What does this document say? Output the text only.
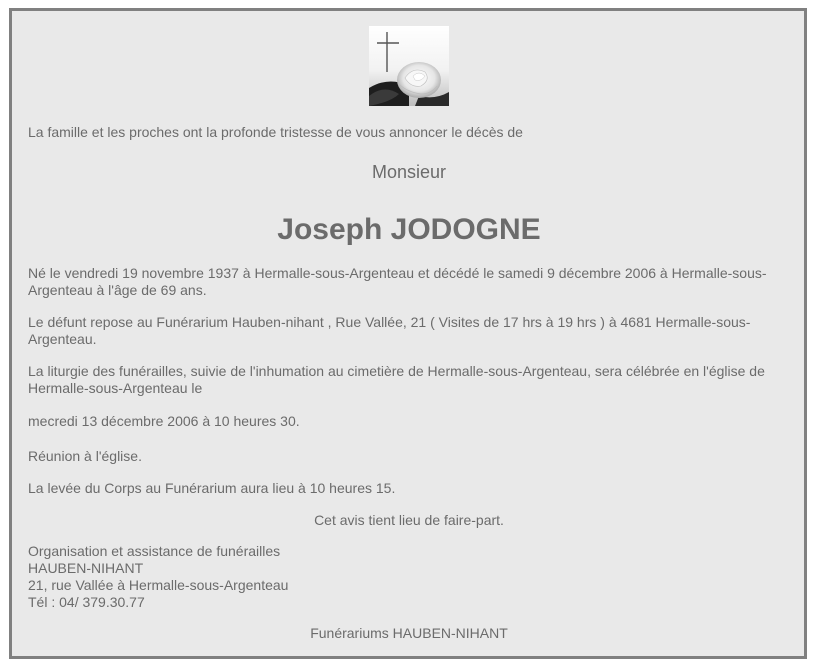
La famille et les proches ont la profonde tristesse de vous annoncer le décès de

Monsieur
Joseph JODOGNE

Né le vendredi 19 novembre 1937 à Hermalle-sous-Argenteau et décédé le samedi 9 décembre 2006 à Hermalle-sous-Argenteau à l'âge de 69 ans.

Le défunt repose au Funérarium Hauben-nihant , Rue Vallée, 21 ( Visites de 17 hrs à 19 hrs ) à 4681 Hermalle-sous-Argenteau.

La liturgie des funérailles, suivie de l'inhumation au cimetière de Hermalle-sous-Argenteau, sera célébrée en l'église de Hermalle-sous-Argenteau le

mecredi 13 décembre 2006 à 10 heures 30.

Réunion à l'église.

La levée du Corps au Funérarium aura lieu à 10 heures 15.

Cet avis tient lieu de faire-part.

Organisation et assistance de funérailles
HAUBEN-NIHANT
21, rue Vallée à Hermalle-sous-Argenteau
Tél : 04/ 379.30.77

Funérariums HAUBEN-NIHANT
